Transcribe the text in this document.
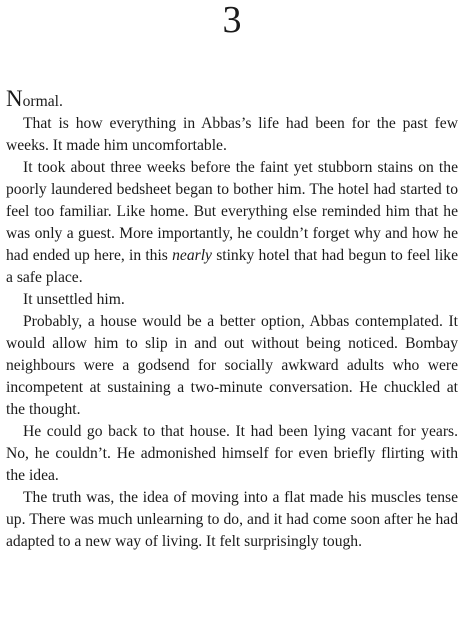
3

Normal.

That is how everything in Abbas’s life had been for the past few weeks. It made him uncomfortable.

It took about three weeks before the faint yet stubborn stains on the poorly laundered bedsheet began to bother him. The hotel had started to feel too familiar. Like home. But everything else reminded him that he was only a guest. More importantly, he couldn’t forget why and how he had ended up here, in this nearly stinky hotel that had begun to feel like a safe place.

It unsettled him.

Probably, a house would be a better option, Abbas contemplated. It would allow him to slip in and out without being noticed. Bombay neighbours were a godsend for socially awkward adults who were incompetent at sustaining a two-minute conversation. He chuckled at the thought.

He could go back to that house. It had been lying vacant for years. No, he couldn’t. He admonished himself for even briefly flirting with the idea.

The truth was, the idea of moving into a flat made his muscles tense up. There was much unlearning to do, and it had come soon after he had adapted to a new way of living. It felt surprisingly tough.
